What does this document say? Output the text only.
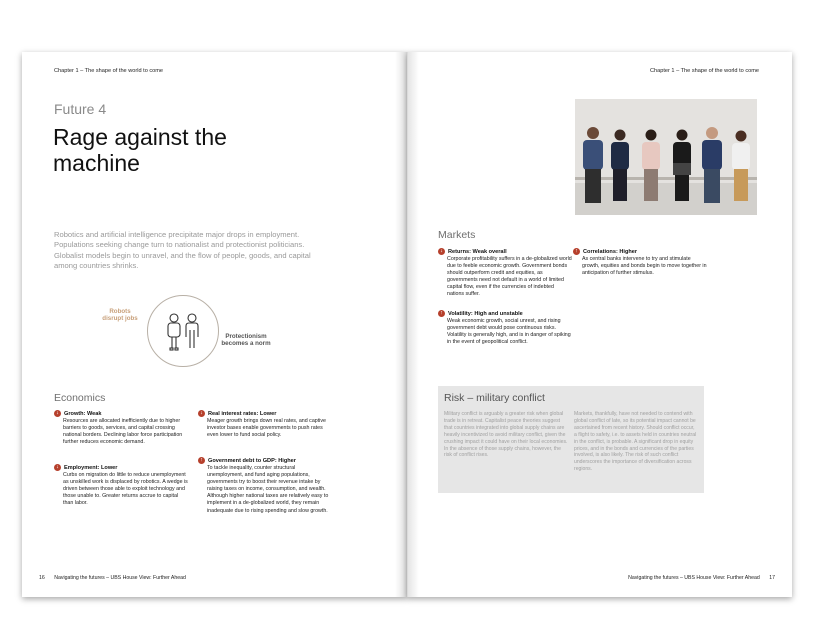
Chapter 1 – The shape of the world to come
Future 4
Rage against the machine
Robotics and artificial intelligence precipitate major drops in employment. Populations seeking change turn to nationalist and protectionist politicians. Globalist models begin to unravel, and the flow of people, goods, and capital among countries shrinks.
Robots disrupt jobs
Protectionism becomes a norm
Economics
↓ Growth: Weak
Resources are allocated inefficiently due to higher barriers to goods, services, and capital crossing national borders. Declining labor force participation further reduces economic demand.
↓ Employment: Lower
Curbs on migration do little to reduce unemployment as unskilled work is displaced by robotics. A wedge is driven between those able to exploit technology and those unable to. Greater returns accrue to capital than labor.
↓ Real interest rates: Lower
Meager growth brings down real rates, and captive investor bases enable governments to push rates even lower to fund social policy.
↑ Government debt to GDP: Higher
To tackle inequality, counter structural unemployment, and fund aging populations, governments try to boost their revenue intake by raising taxes on income, consumption, and wealth. Although higher national taxes are relatively easy to implement in a de-globalized world, they remain inadequate due to rising spending and slow growth.
16 Navigating the futures – UBS House View: Further Ahead
Chapter 1 – The shape of the world to come
Markets
↓ Returns: Weak overall
Corporate profitability suffers in a de-globalized world due to feeble economic growth. Government bonds should outperform credit and equities, as governments need not default in a world of limited capital flow, even if the currencies of indebted nations suffer.
↑ Volatility: High and unstable
Weak economic growth, social unrest, and rising government debt would pose continuous risks. Volatility is generally high, and is in danger of spiking in the event of geopolitical conflict.
↑ Correlations: Higher
As central banks intervene to try and stimulate growth, equities and bonds begin to move together in anticipation of further stimulus.
Risk – military conflict
Military conflict is arguably a greater risk when global trade is in retreat. Capitalist peace theories suggest that countries integrated into global supply chains are heavily incentivized to avoid military conflict, given the crushing impact it could have on their local economies. In the absence of those supply chains, however, the risk of conflict rises.
Markets, thankfully, have not needed to contend with global conflict of late, so its potential impact cannot be ascertained from recent history. Should conflict occur, a flight to safety, i.e. to assets held in countries neutral in the conflict, is probable. A significant drop in equity prices, and in the bonds and currencies of the parties involved, is also likely. The risk of such conflict underscores the importance of diversification across regions.
Navigating the futures – UBS House View: Further Ahead 17
